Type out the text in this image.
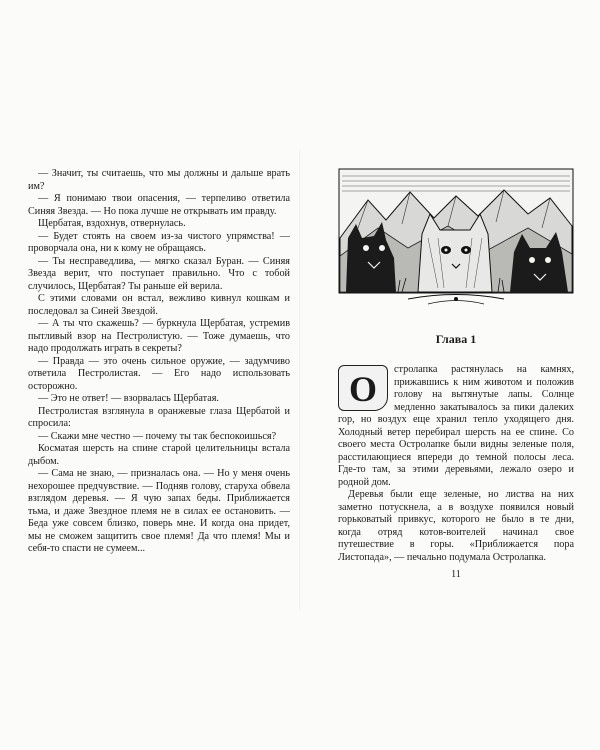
— Значит, ты считаешь, что мы должны и дальше врать им?

— Я понимаю твои опасения, — терпеливо ответила Синяя Звезда. — Но пока лучше не открывать им правду.

Щербатая, вздохнув, отвернулась.

— Будет стоять на своем из-за чистого упрямства! — проворчала она, ни к кому не обращаясь.

— Ты несправедлива, — мягко сказал Буран. — Синяя Звезда верит, что поступает правильно. Что с тобой случилось, Щербатая? Ты раньше ей верила.

С этими словами он встал, вежливо кивнул кошкам и последовал за Синей Звездой.

— А ты что скажешь? — буркнула Щербатая, устремив пытливый взор на Пестролистую. — Тоже думаешь, что надо продолжать играть в секреты?

— Правда — это очень сильное оружие, — задумчиво ответила Пестролистая. — Его надо использовать осторожно.

— Это не ответ! — взорвалась Щербатая.

Пестролистая взглянула в оранжевые глаза Щербатой и спросила:

— Скажи мне честно — почему ты так беспокоишься?

Косматая шерсть на спине старой целительницы встала дыбом.

— Сама не знаю, — призналась она. — Но у меня очень нехорошее предчувствие. — Подняв голову, старуха обвела взглядом деревья. — Я чую запах беды. Приближается тьма, и даже Звездное племя не в силах ее остановить. — Беда уже совсем близко, поверь мне. И когда она придет, мы не сможем защитить свое племя! Да что племя! Мы и себя-то спасти не сумеем...

Глава 1
О	стролапка растянулась на камнях, прижавшись к ним животом и положив голову на вытянутые лапы. Солнце медленно закатывалось за пики далеких гор, но воздух еще хранил тепло уходящего дня. Холодный ветер перебирал шерсть на ее спине. Со своего места Остролапке были видны зеленые поля, расстилающиеся впереди до темной полосы леса. Где-то там, за этими деревьями, лежало озеро и родной дом.

Деревья были еще зеленые, но листва на них заметно потускнела, а в воздухе появился новый горьковатый привкус, которого не было в те дни, когда отряд котов-воителей начинал свое путешествие в горы. «Приближается пора Листопада», — печально подумала Остролапка.

11
